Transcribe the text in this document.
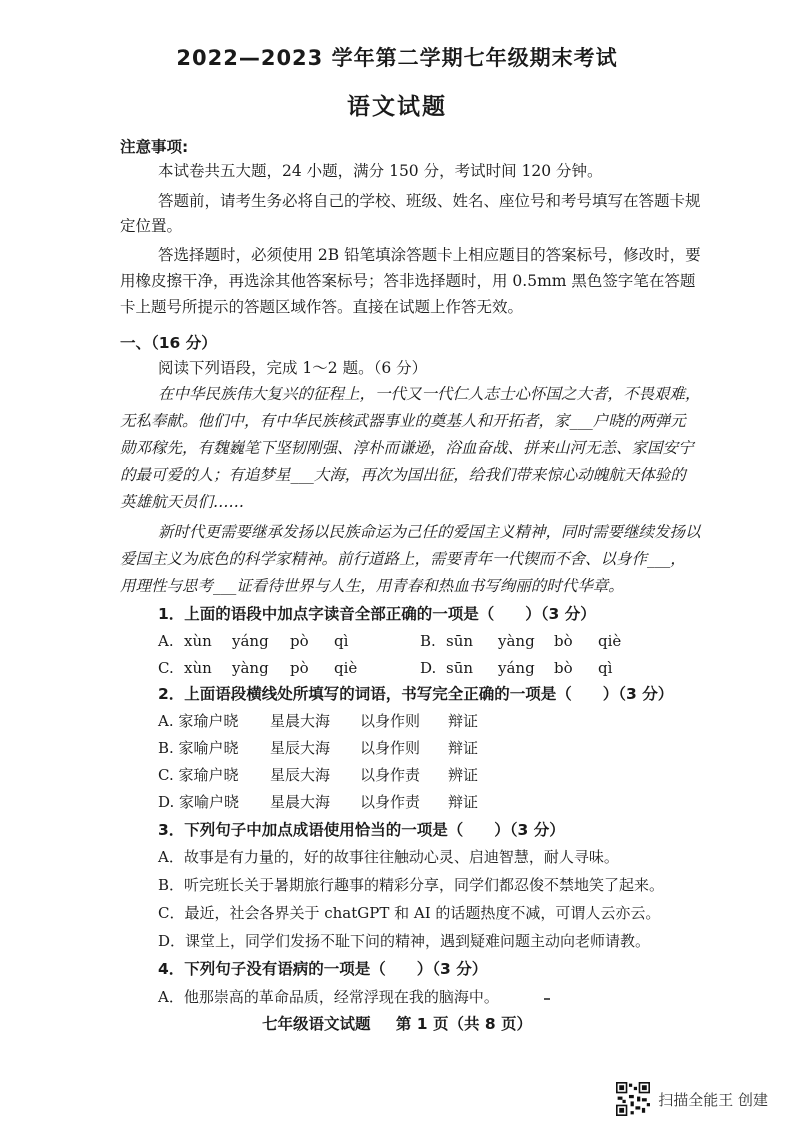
2022—2023 学年第二学期七年级期末考试
语文试题
注意事项:
本试卷共五大题，24 小题，满分 150 分，考试时间 120 分钟。
答题前，请考生务必将自己的学校、班级、姓名、座位号和考号填写在答题卡规
定位置。
答选择题时，必须使用 2B 铅笔填涂答题卡上相应题目的答案标号，修改时，要
用橡皮擦干净，再选涂其他答案标号；答非选择题时，用 0.5mm 黑色签字笔在答题
卡上题号所提示的答题区域作答。直接在试题上作答无效。
一、（16 分）
阅读下列语段，完成 1～2 题。（6 分）
在中华民族伟大复兴的征程上，一代又一代仁人志士心怀国之大者，不畏艰难，
无私奉献。他们中，有中华民族核武器事业的奠基人和开拓者，家___户晓的两弹元
勋邓稼先，有魏巍笔下坚韧刚强、淳朴而谦逊，浴血奋战、拼来山河无恙、家国安宁
的最可爱的人；有追梦星___大海，再次为国出征，给我们带来惊心动魄航天体验的
英雄航天员们……
新时代更需要继承发扬以民族命运为己任的爱国主义精神，同时需要继续发扬以
爱国主义为底色的科学家精神。前行道路上，需要青年一代锲而不舍、以身作___，
用理性与思考___证看待世界与人生，用青春和热血书写绚丽的时代华章。
1．上面的语段中加点字读音全部正确的一项是（　　）（3 分）
A. xùn yáng pò qì	B. sūn yàng bò qiè
C. xùn yàng pò qiè	D. sūn yáng bò qì
2．上面语段横线处所填写的词语，书写完全正确的一项是（　　）（3 分）
A. 家瑜户晓 星晨大海 以身作则 辩证
B. 家喻户晓 星辰大海 以身作则 辩证
C. 家瑜户晓 星辰大海 以身作责 辨证
D. 家喻户晓 星晨大海 以身作责 辩证
3．下列句子中加点成语使用恰当的一项是（　　）（3 分）
A．故事是有力量的，好的故事往往触动心灵、启迪智慧，耐人寻味。
B．听完班长关于暑期旅行趣事的精彩分享，同学们都忍俊不禁地笑了起来。
C．最近，社会各界关于 chatGPT 和 AI 的话题热度不减，可谓人云亦云。
D．课堂上，同学们发扬不耻下问的精神，遇到疑难问题主动向老师请教。
4．下列句子没有语病的一项是（　　）（3 分）
A．他那崇高的革命品质，经常浮现在我的脑海中。
七年级语文试题 第 1 页（共 8 页）
扫描全能王 创建
